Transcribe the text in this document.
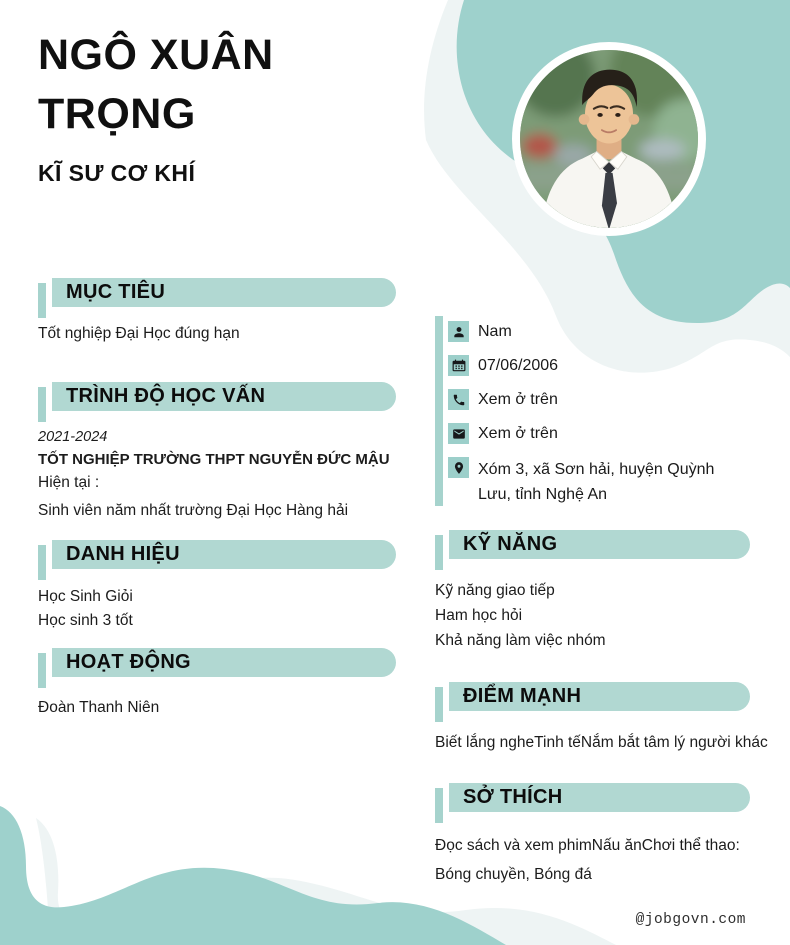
NGÔ XUÂN TRỌNG
KĨ SƯ CƠ KHÍ
MỤC TIÊU
Tốt nghiệp Đại Học đúng hạn
TRÌNH ĐỘ HỌC VẤN
2021-2024
TỐT NGHIỆP TRƯỜNG THPT NGUYỄN ĐỨC MẬU
Hiện tại :
Sinh viên năm nhất trường Đại Học Hàng hải
DANH HIỆU
Học Sinh Giỏi
Học sinh 3 tốt
HOẠT ĐỘNG
Đoàn Thanh Niên
Nam
07/06/2006
Xem ở trên
Xem ở trên
Xóm 3, xã Sơn hải, huyện Quỳnh Lưu, tỉnh Nghệ An
KỸ NĂNG
Kỹ năng giao tiếp
Ham học hỏi
Khả năng làm việc nhóm
ĐIỂM MẠNH
Biết lắng ngheTinh tếNắm bắt tâm lý người khác
SỞ THÍCH
Đọc sách và xem phimNấu ănChơi thể thao: Bóng chuyền, Bóng đá
@jobgovn.com
